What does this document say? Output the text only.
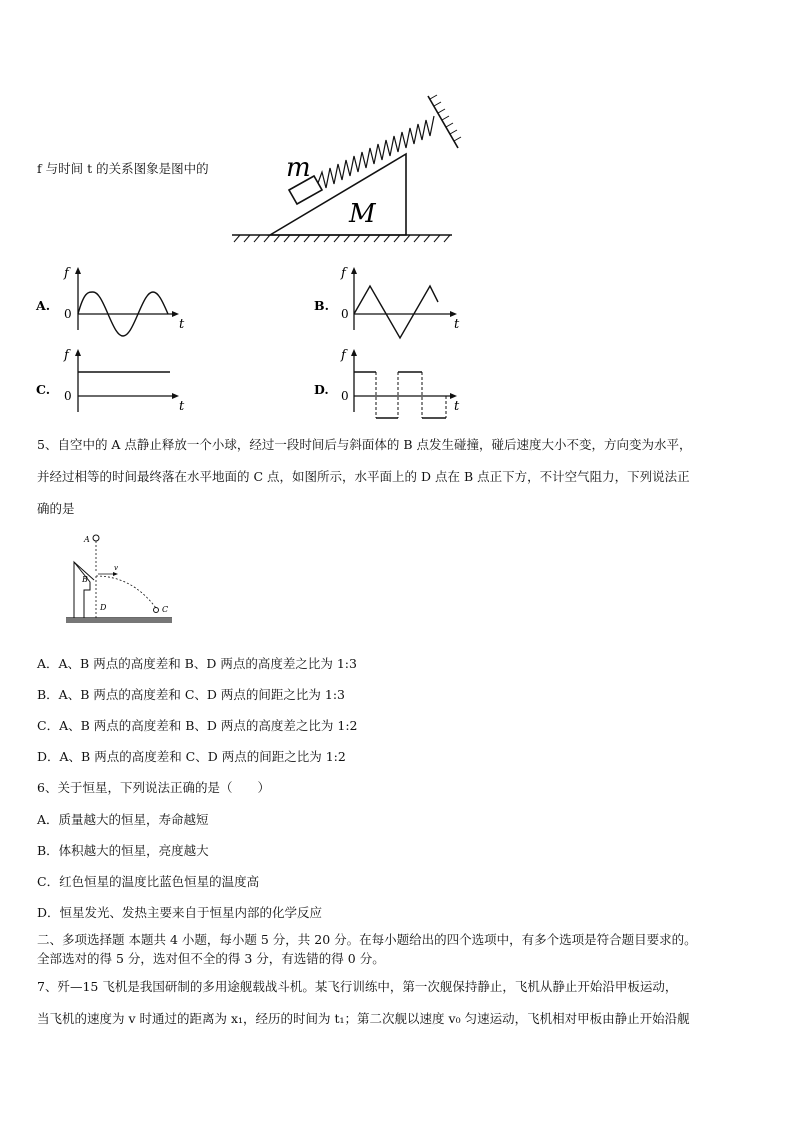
f 与时间 t 的关系图象是图中的	m
M
A.
f
0
t
B.
f
0
t
C.
f
0
t
D.
f
0
t
5、自空中的 A 点静止释放一个小球，经过一段时间后与斜面体的 B 点发生碰撞，碰后速度大小不变，方向变为水平，
并经过相等的时间最终落在水平地面的 C 点，如图所示，水平面上的 D 点在 B 点正下方，不计空气阻力，下列说法正
确的是
A
B
v
C
D
A．A、B 两点的高度差和 B、D 两点的高度差之比为 1:3
B．A、B 两点的高度差和 C、D 两点的间距之比为 1:3
C．A、B 两点的高度差和 B、D 两点的高度差之比为 1:2
D．A、B 两点的高度差和 C、D 两点的间距之比为 1:2
6、关于恒星，下列说法正确的是（　　）
A．质量越大的恒星，寿命越短
B．体积越大的恒星，亮度越大
C．红色恒星的温度比蓝色恒星的温度高
D．恒星发光、发热主要来自于恒星内部的化学反应
二、多项选择题 本题共 4 小题，每小题 5 分，共 20 分。在每小题给出的四个选项中，有多个选项是符合题目要求的。
全部选对的得 5 分，选对但不全的得 3 分，有选错的得 0 分。
7、歼—15 飞机是我国研制的多用途舰载战斗机。某飞行训练中，第一次舰保持静止，飞机从静止开始沿甲板运动，
当飞机的速度为 v 时通过的距离为 x₁，经历的时间为 t₁；第二次舰以速度 v₀ 匀速运动，飞机相对甲板由静止开始沿舰
